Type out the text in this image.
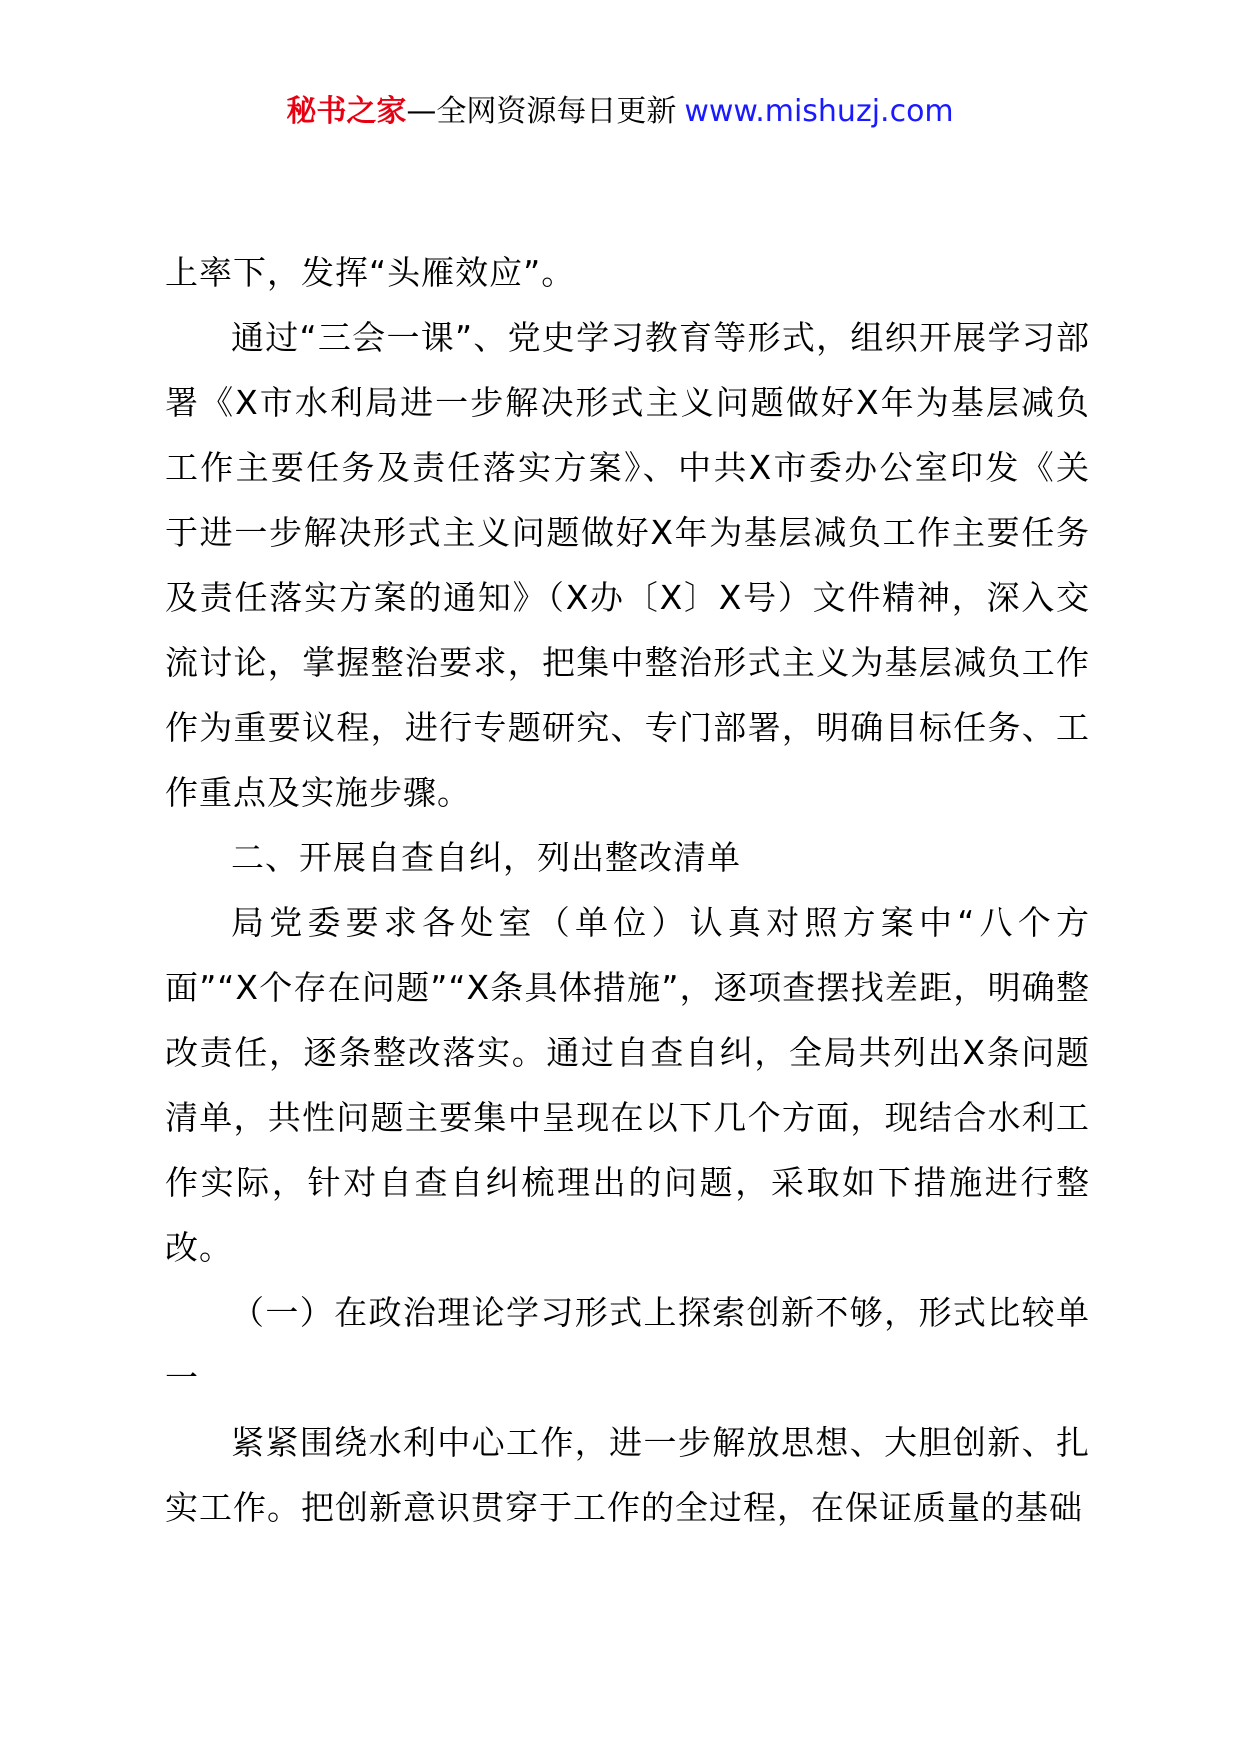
秘书之家—全网资源每日更新 www.mishuzj.com

上率下，发挥“头雁效应”。

通过“三会一课”、党史学习教育等形式，组织开展学习部署《X市水利局进一步解决形式主义问题做好X年为基层减负工作主要任务及责任落实方案》、中共X市委办公室印发《关于进一步解决形式主义问题做好X年为基层减负工作主要任务及责任落实方案的通知》（X办〔X〕X号）文件精神，深入交流讨论，掌握整治要求，把集中整治形式主义为基层减负工作作为重要议程，进行专题研究、专门部署，明确目标任务、工作重点及实施步骤。

二、开展自查自纠，列出整改清单

局党委要求各处室（单位）认真对照方案中“八个方面”“X个存在问题”“X条具体措施”，逐项查摆找差距，明确整改责任，逐条整改落实。通过自查自纠，全局共列出X条问题清单，共性问题主要集中呈现在以下几个方面，现结合水利工作实际，针对自查自纠梳理出的问题，采取如下措施进行整改。

（一）在政治理论学习形式上探索创新不够，形式比较单一

紧紧围绕水利中心工作，进一步解放思想、大胆创新、扎实工作。把创新意识贯穿于工作的全过程，在保证质量的基础
